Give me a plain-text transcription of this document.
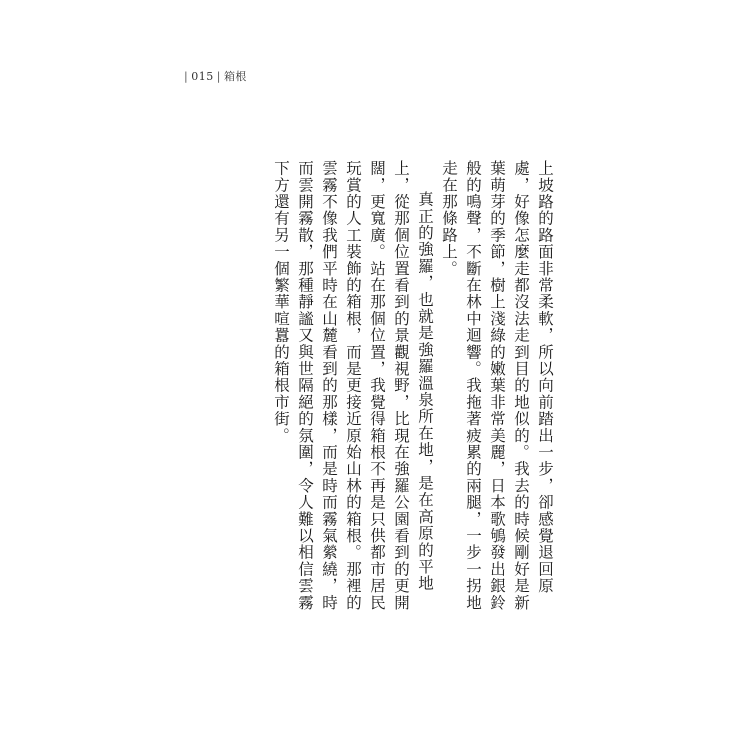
| 015 | 箱根

上坡路的路面非常柔軟，所以向前踏出一步，卻感覺退回原處，好像怎麼走都沒法走到目的地似的。我去的時候剛好是新葉萌芽的季節，樹上淺綠的嫩葉非常美麗，日本歌鴝發出銀鈴般的鳴聲，不斷在林中迴響。我拖著疲累的兩腿，一步一拐地走在那條路上。

真正的強羅，也就是強羅溫泉所在地，是在高原的平地上，從那個位置看到的景觀視野，比現在強羅公園看到的更開闊，更寬廣。站在那個位置，我覺得箱根不再是只供都市居民玩賞的人工裝飾的箱根，而是更接近原始山林的箱根。那裡的雲霧不像我們平時在山麓看到的那樣，而是時而霧氣縈繞，時而雲開霧散，那種靜謐又與世隔絕的氛圍，令人難以相信雲霧下方還有另一個繁華喧囂的箱根市街。
